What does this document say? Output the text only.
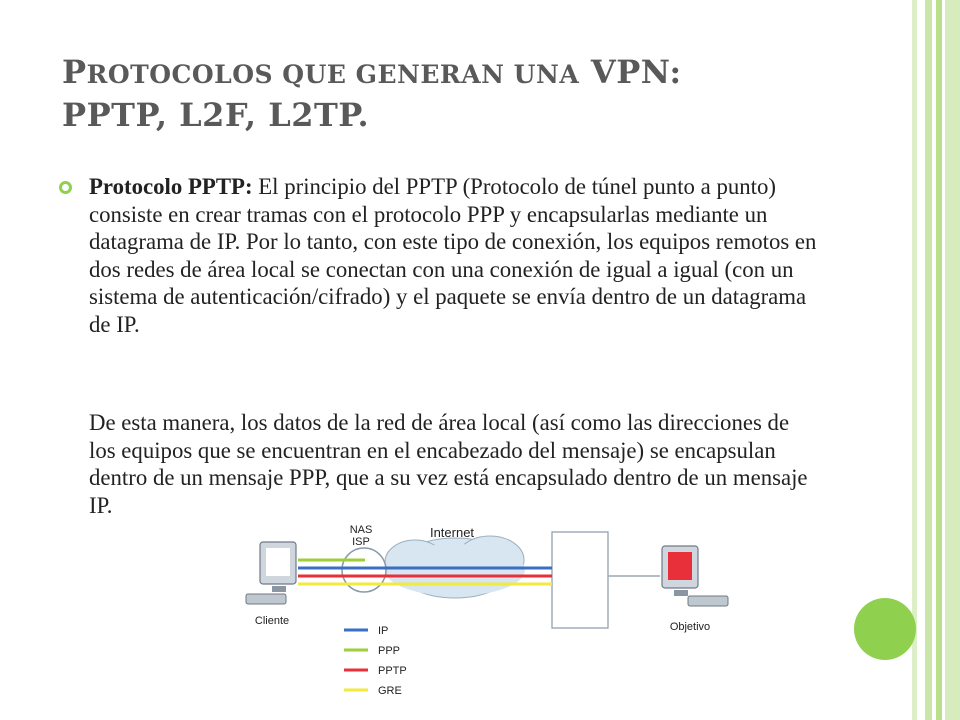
PROTOCOLOS QUE GENERAN UNA VPN:
PPTP, L2F, L2TP.

Protocolo PPTP: El principio del PPTP (Protocolo de túnel punto a punto) consiste en crear tramas con el protocolo PPP y encapsularlas mediante un datagrama de IP. Por lo tanto, con este tipo de conexión, los equipos remotos en dos redes de área local se conectan con una conexión de igual a igual (con un sistema de autenticación/cifrado) y el paquete se envía dentro de un datagrama de IP.

De esta manera, los datos de la red de área local (así como las direcciones de los equipos que se encuentran en el encabezado del mensaje) se encapsulan dentro de un mensaje PPP, que a su vez está encapsulado dentro de un mensaje IP.

Internet
NAS
ISP
Cliente	Objetivo
IP
PPP
PPTP
GRE
